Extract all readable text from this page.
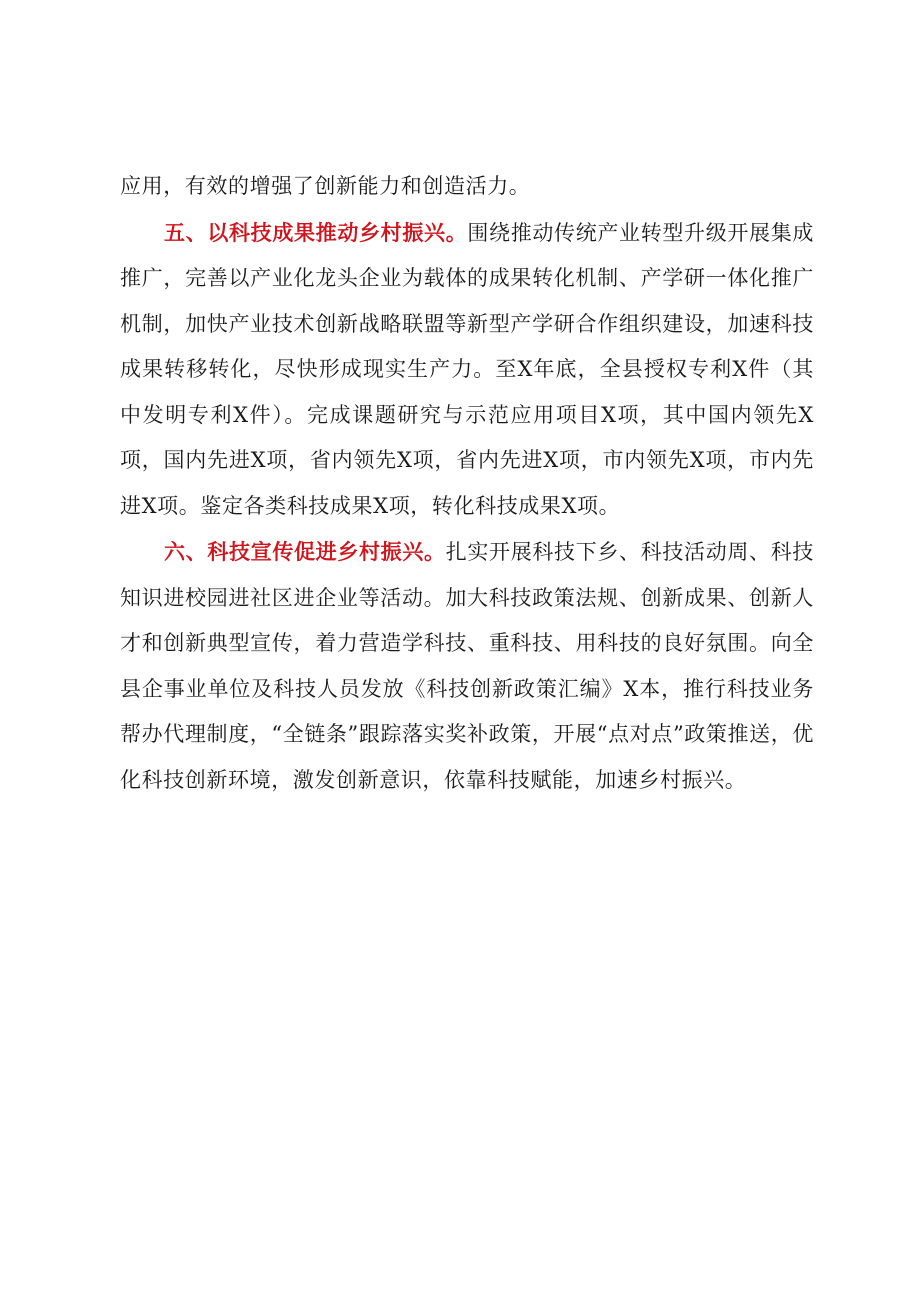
应用，有效的增强了创新能力和创造活力。

五、以科技成果推动乡村振兴。围绕推动传统产业转型升级开展集成推广，完善以产业化龙头企业为载体的成果转化机制、产学研一体化推广机制，加快产业技术创新战略联盟等新型产学研合作组织建设，加速科技成果转移转化，尽快形成现实生产力。至X年底，全县授权专利X件（其中发明专利X件）。完成课题研究与示范应用项目X项，其中国内领先X项，国内先进X项，省内领先X项，省内先进X项，市内领先X项，市内先进X项。鉴定各类科技成果X项，转化科技成果X项。

六、科技宣传促进乡村振兴。扎实开展科技下乡、科技活动周、科技知识进校园进社区进企业等活动。加大科技政策法规、创新成果、创新人才和创新典型宣传，着力营造学科技、重科技、用科技的良好氛围。向全县企事业单位及科技人员发放《科技创新政策汇编》X本，推行科技业务帮办代理制度，“全链条”跟踪落实奖补政策，开展“点对点”政策推送，优化科技创新环境，激发创新意识，依靠科技赋能，加速乡村振兴。
